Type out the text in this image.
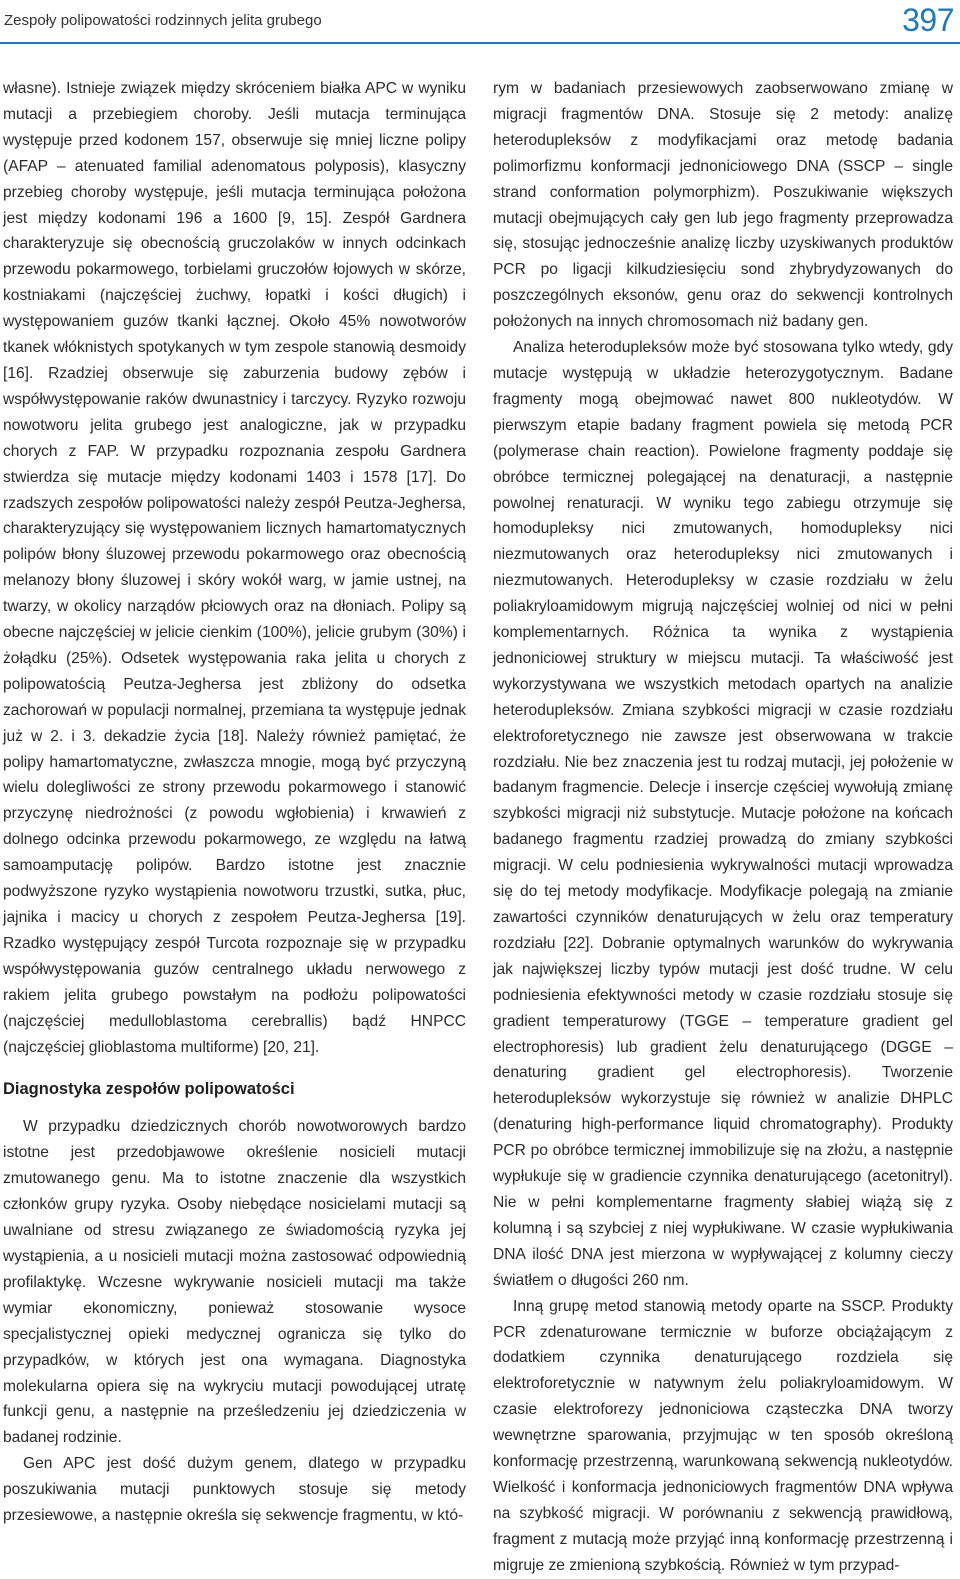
Zespoły polipowatości rodzinnych jelita grubego	397

własne). Istnieje związek między skróceniem białka APC w wyniku mutacji a przebiegiem choroby. Jeśli mutacja terminująca występuje przed kodonem 157, obserwuje się mniej liczne polipy (AFAP – atenuated familial adenomatous polyposis), klasyczny przebieg choroby występuje, jeśli mutacja terminująca położona jest między kodonami 196 a 1600 [9, 15]. Zespół Gardnera charakteryzuje się obecnością gruczolaków w innych odcinkach przewodu pokarmowego, torbielami gruczołów łojowych w skórze, kostniakami (najczęściej żuchwy, łopatki i kości długich) i występowaniem guzów tkanki łącznej. Około 45% nowotworów tkanek włóknistych spotykanych w tym zespole stanowią desmoidy [16]. Rzadziej obserwuje się zaburzenia budowy zębów i współwystępowanie raków dwunastnicy i tarczycy. Ryzyko rozwoju nowotworu jelita grubego jest analogiczne, jak w przypadku chorych z FAP. W przypadku rozpoznania zespołu Gardnera stwierdza się mutacje między kodonami 1403 i 1578 [17]. Do rzadszych zespołów polipowatości należy zespół Peutza-Jeghersa, charakteryzujący się występowaniem licznych hamartomatycznych polipów błony śluzowej przewodu pokarmowego oraz obecnością melanozy błony śluzowej i skóry wokół warg, w jamie ustnej, na twarzy, w okolicy narządów płciowych oraz na dłoniach. Polipy są obecne najczęściej w jelicie cienkim (100%), jelicie grubym (30%) i żołądku (25%). Odsetek występowania raka jelita u chorych z polipowatością Peutza-Jeghersa jest zbliżony do odsetka zachorowań w populacji normalnej, przemiana ta występuje jednak już w 2. i 3. dekadzie życia [18]. Należy również pamiętać, że polipy hamartomatyczne, zwłaszcza mnogie, mogą być przyczyną wielu dolegliwości ze strony przewodu pokarmowego i stanowić przyczynę niedrożności (z powodu wgłobienia) i krwawień z dolnego odcinka przewodu pokarmowego, ze względu na łatwą samoamputację polipów. Bardzo istotne jest znacznie podwyższone ryzyko wystąpienia nowotworu trzustki, sutka, płuc, jajnika i macicy u chorych z zespołem Peutza-Jeghersa [19]. Rzadko występujący zespół Turcota rozpoznaje się w przypadku współwystępowania guzów centralnego układu nerwowego z rakiem jelita grubego powstałym na podłożu polipowatości (najczęściej medulloblastoma cerebrallis) bądź HNPCC (najczęściej glioblastoma multiforme) [20, 21].

Diagnostyka zespołów polipowatości

W przypadku dziedzicznych chorób nowotworowych bardzo istotne jest przedobjawowe określenie nosicieli mutacji zmutowanego genu. Ma to istotne znaczenie dla wszystkich członków grupy ryzyka. Osoby niebędące nosicielami mutacji są uwalniane od stresu związanego ze świadomością ryzyka jej wystąpienia, a u nosicieli mutacji można zastosować odpowiednią profilaktykę. Wczesne wykrywanie nosicieli mutacji ma także wymiar ekonomiczny, ponieważ stosowanie wysoce specjalistycznej opieki medycznej ogranicza się tylko do przypadków, w których jest ona wymagana. Diagnostyka molekularna opiera się na wykryciu mutacji powodującej utratę funkcji genu, a następnie na prześledzeniu jej dziedziczenia w badanej rodzinie.

Gen APC jest dość dużym genem, dlatego w przypadku poszukiwania mutacji punktowych stosuje się metody przesiewowe, a następnie określa się sekwencje fragmentu, w któ-

rym w badaniach przesiewowych zaobserwowano zmianę w migracji fragmentów DNA. Stosuje się 2 metody: analizę heterodupleksów z modyfikacjami oraz metodę badania polimorfizmu konformacji jednoniciowego DNA (SSCP – single strand conformation polymorphizm). Poszukiwanie większych mutacji obejmujących cały gen lub jego fragmenty przeprowadza się, stosując jednocześnie analizę liczby uzyskiwanych produktów PCR po ligacji kilkudziesięciu sond zhybrydyzowanych do poszczególnych eksonów, genu oraz do sekwencji kontrolnych położonych na innych chromosomach niż badany gen.

Analiza heterodupleksów może być stosowana tylko wtedy, gdy mutacje występują w układzie heterozygotycznym. Badane fragmenty mogą obejmować nawet 800 nukleotydów. W pierwszym etapie badany fragment powiela się metodą PCR (polymerase chain reaction). Powielone fragmenty poddaje się obróbce termicznej polegającej na denaturacji, a następnie powolnej renaturacji. W wyniku tego zabiegu otrzymuje się homodupleksy nici zmutowanych, homodupleksy nici niezmutowanych oraz heterodupleksy nici zmutowanych i niezmutowanych. Heterodupleksy w czasie rozdziału w żelu poliakryloamidowym migrują najczęściej wolniej od nici w pełni komplementarnych. Różnica ta wynika z wystąpienia jednoniciowej struktury w miejscu mutacji. Ta właściwość jest wykorzystywana we wszystkich metodach opartych na analizie heterodupleksów. Zmiana szybkości migracji w czasie rozdziału elektroforetycznego nie zawsze jest obserwowana w trakcie rozdziału. Nie bez znaczenia jest tu rodzaj mutacji, jej położenie w badanym fragmencie. Delecje i insercje częściej wywołują zmianę szybkości migracji niż substytucje. Mutacje położone na końcach badanego fragmentu rzadziej prowadzą do zmiany szybkości migracji. W celu podniesienia wykrywalności mutacji wprowadza się do tej metody modyfikacje. Modyfikacje polegają na zmianie zawartości czynników denaturujących w żelu oraz temperatury rozdziału [22]. Dobranie optymalnych warunków do wykrywania jak największej liczby typów mutacji jest dość trudne. W celu podniesienia efektywności metody w czasie rozdziału stosuje się gradient temperaturowy (TGGE – temperature gradient gel electrophoresis) lub gradient żelu denaturującego (DGGE – denaturing gradient gel electrophoresis). Tworzenie heterodupleksów wykorzystuje się również w analizie DHPLC (denaturing high-performance liquid chromatography). Produkty PCR po obróbce termicznej immobilizuje się na złożu, a następnie wypłukuje się w gradiencie czynnika denaturującego (acetonitryl). Nie w pełni komplementarne fragmenty słabiej wiążą się z kolumną i są szybciej z niej wypłukiwane. W czasie wypłukiwania DNA ilość DNA jest mierzona w wypływającej z kolumny cieczy światłem o długości 260 nm.

Inną grupę metod stanowią metody oparte na SSCP. Produkty PCR zdenaturowane termicznie w buforze obciążającym z dodatkiem czynnika denaturującego rozdziela się elektroforetycznie w natywnym żelu poliakryloamidowym. W czasie elektroforezy jednoniciowa cząsteczka DNA tworzy wewnętrzne sparowania, przyjmując w ten sposób określoną konformację przestrzenną, warunkowaną sekwencją nukleotydów. Wielkość i konformacja jednoniciowych fragmentów DNA wpływa na szybkość migracji. W porównaniu z sekwencją prawidłową, fragment z mutacją może przyjąć inną konformację przestrzenną i migruje ze zmienioną szybkością. Również w tym przypad-
